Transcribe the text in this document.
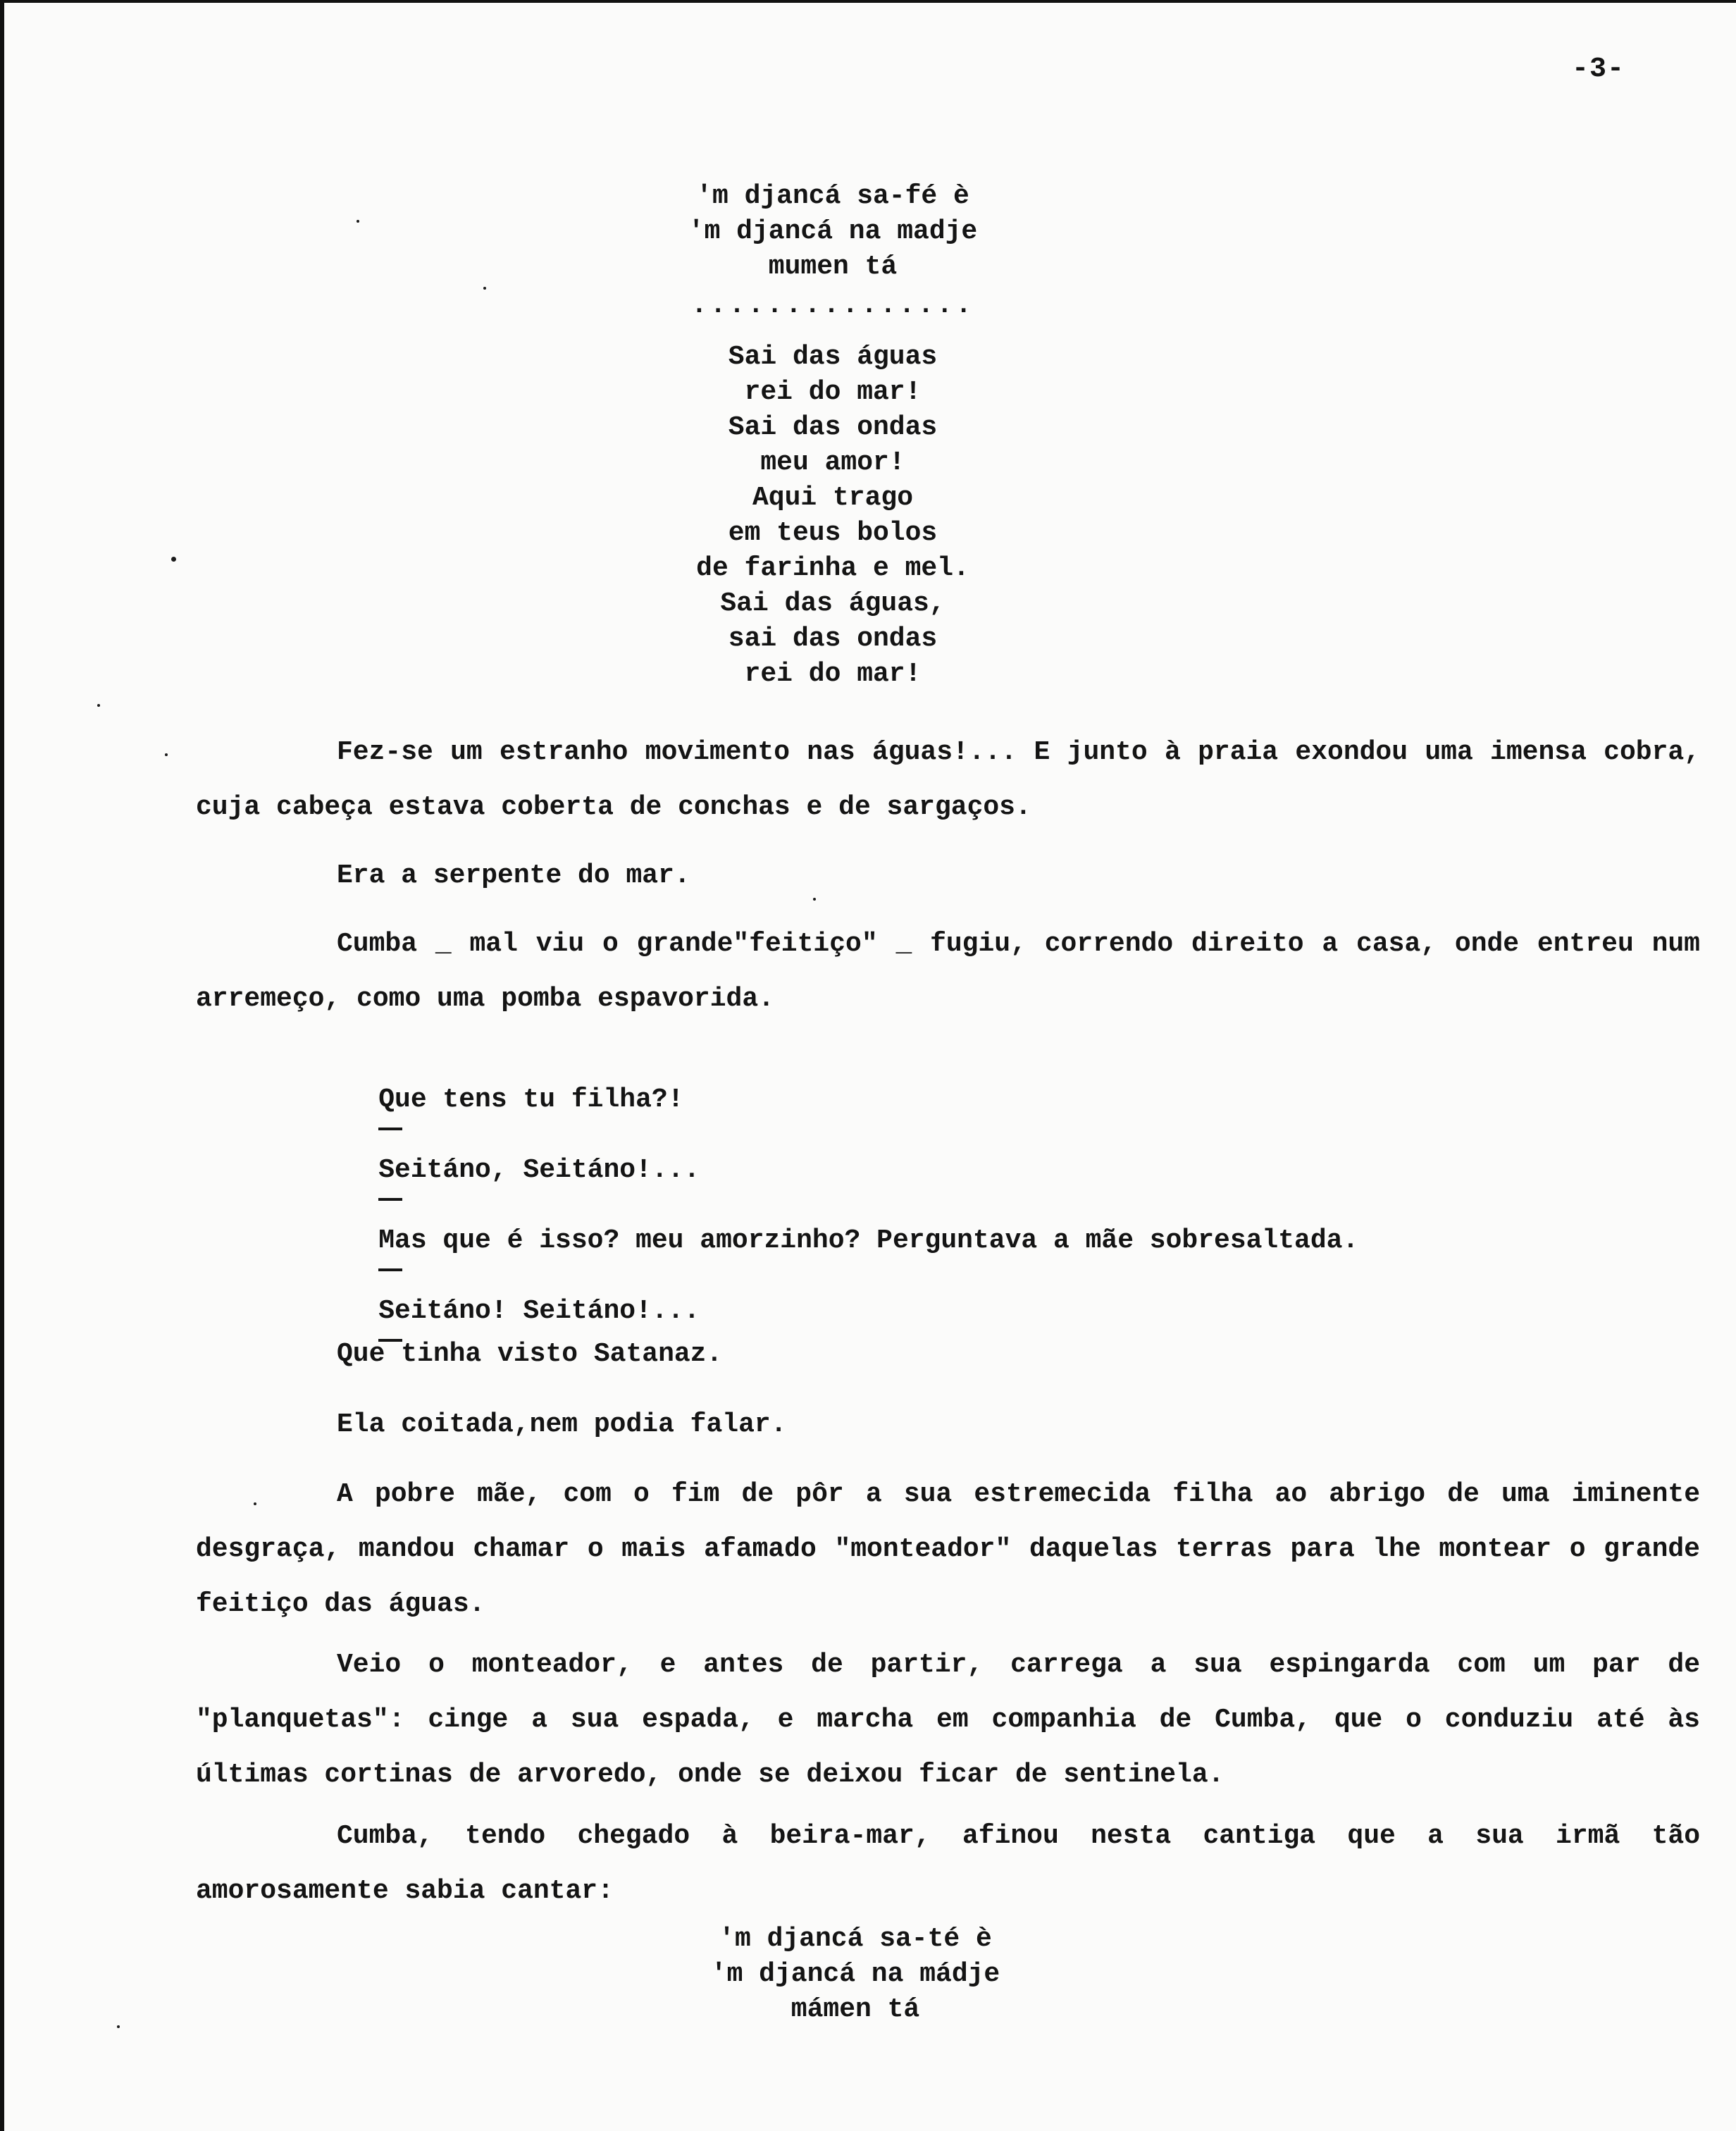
-3-
'm djancá sa-fé è
'm djancá na madje
mumen tá
...............
Sai das águas
rei do mar!
Sai das ondas
meu amor!
Aqui trago
em teus bolos
de farinha e mel.
Sai das águas,
sai das ondas
rei do mar!

Fez-se um estranho movimento nas águas!... E junto à praia exondou uma imensa cobra, cuja cabeça estava coberta de conchas e de sargaços.

Era a serpente do mar.

Cumba _ mal viu o grande"feitiço" _ fugiu, correndo direito a casa, onde entreu num arremeço, como uma pomba espavorida.

Que tens tu filha?!

Seitáno, Seitáno!...

Mas que é isso? meu amorzinho? Perguntava a mãe sobresaltada.

Seitáno! Seitáno!...

Que tinha visto Satanaz.

Ela coitada,nem podia falar.

A pobre mãe, com o fim de pôr a sua estremecida filha ao abrigo de uma iminente desgraça, mandou chamar o mais afamado "monteador" daquelas terras para lhe montear o grande feitiço das águas.

Veio o monteador, e antes de partir, carrega a sua espingarda com um par de "planquetas": cinge a sua espada, e marcha em companhia de Cumba, que o conduziu até às últimas cortinas de arvoredo, onde se deixou ficar de sentinela.

Cumba, tendo chegado à beira-mar, afinou nesta cantiga que a sua irmã tão amorosamente sabia cantar:

'm djancá sa-té è
'm djancá na mádje
mámen tá
